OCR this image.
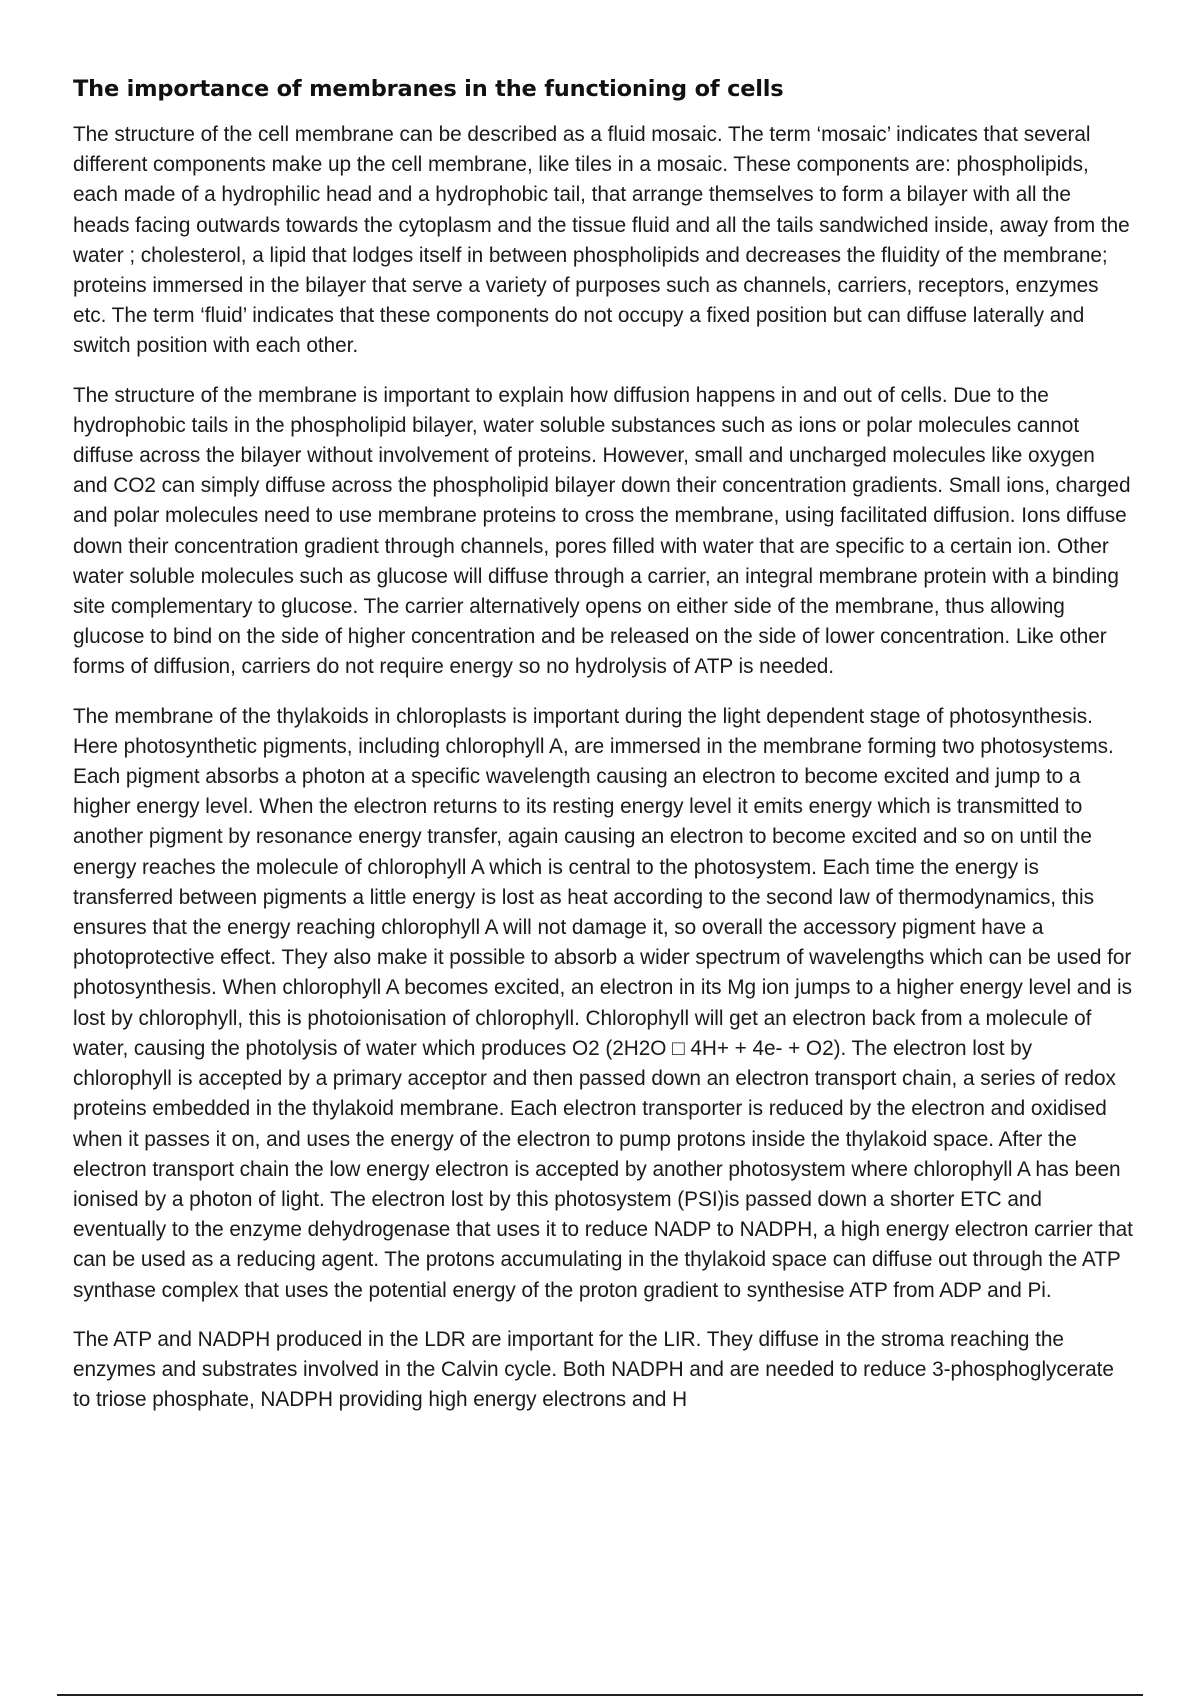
The importance of membranes in the functioning of cells

The structure of the cell membrane can be described as a fluid mosaic. The term ‘mosaic’ indicates that several different components make up the cell membrane, like tiles in a mosaic. These components are: phospholipids, each made of a hydrophilic head and a hydrophobic tail, that arrange themselves to form a bilayer with all the heads facing outwards towards the cytoplasm and the tissue fluid and all the tails sandwiched inside, away from the water ; cholesterol, a lipid that lodges itself in between phospholipids and decreases the fluidity of the membrane; proteins immersed in the bilayer that serve a variety of purposes such as channels, carriers, receptors, enzymes etc. The term ‘fluid’ indicates that these components do not occupy a fixed position but can diffuse laterally and switch position with each other.

The structure of the membrane is important to explain how diffusion happens in and out of cells. Due to the hydrophobic tails in the phospholipid bilayer, water soluble substances such as ions or polar molecules cannot diffuse across the bilayer without involvement of proteins. However, small and uncharged molecules like oxygen and CO2 can simply diffuse across the phospholipid bilayer down their concentration gradients. Small ions, charged and polar molecules need to use membrane proteins to cross the membrane, using facilitated diffusion. Ions diffuse down their concentration gradient through channels, pores filled with water that are specific to a certain ion. Other water soluble molecules such as glucose will diffuse through a carrier, an integral membrane protein with a binding site complementary to glucose. The carrier alternatively opens on either side of the membrane, thus allowing glucose to bind on the side of higher concentration and be released on the side of lower concentration. Like other forms of diffusion, carriers do not require energy so no hydrolysis of ATP is needed.

The membrane of the thylakoids in chloroplasts is important during the light dependent stage of photosynthesis. Here photosynthetic pigments, including chlorophyll A, are immersed in the membrane forming two photosystems. Each pigment absorbs a photon at a specific wavelength causing an electron to become excited and jump to a higher energy level. When the electron returns to its resting energy level it emits energy which is transmitted to another pigment by resonance energy transfer, again causing an electron to become excited and so on until the energy reaches the molecule of chlorophyll A which is central to the photosystem. Each time the energy is transferred between pigments a little energy is lost as heat according to the second law of thermodynamics, this ensures that the energy reaching chlorophyll A will not damage it, so overall the accessory pigment have a photoprotective effect. They also make it possible to absorb a wider spectrum of wavelengths which can be used for photosynthesis. When chlorophyll A becomes excited, an electron in its Mg ion jumps to a higher energy level and is lost by chlorophyll, this is photoionisation of chlorophyll. Chlorophyll will get an electron back from a molecule of water, causing the photolysis of water which produces O2 (2H2O □ 4H+ + 4e- + O2). The electron lost by chlorophyll is accepted by a primary acceptor and then passed down an electron transport chain, a series of redox proteins embedded in the thylakoid membrane. Each electron transporter is reduced by the electron and oxidised when it passes it on, and uses the energy of the electron to pump protons inside the thylakoid space. After the electron transport chain the low energy electron is accepted by another photosystem where chlorophyll A has been ionised by a photon of light. The electron lost by this photosystem (PSI)is passed down a shorter ETC and eventually to the enzyme dehydrogenase that uses it to reduce NADP to NADPH, a high energy electron carrier that can be used as a reducing agent. The protons accumulating in the thylakoid space can diffuse out through the ATP synthase complex that uses the potential energy of the proton gradient to synthesise ATP from ADP and Pi.

The ATP and NADPH produced in the LDR are important for the LIR. They diffuse in the stroma reaching the enzymes and substrates involved in the Calvin cycle. Both NADPH and are needed to reduce 3-phosphoglycerate to triose phosphate, NADPH providing high energy electrons and H
